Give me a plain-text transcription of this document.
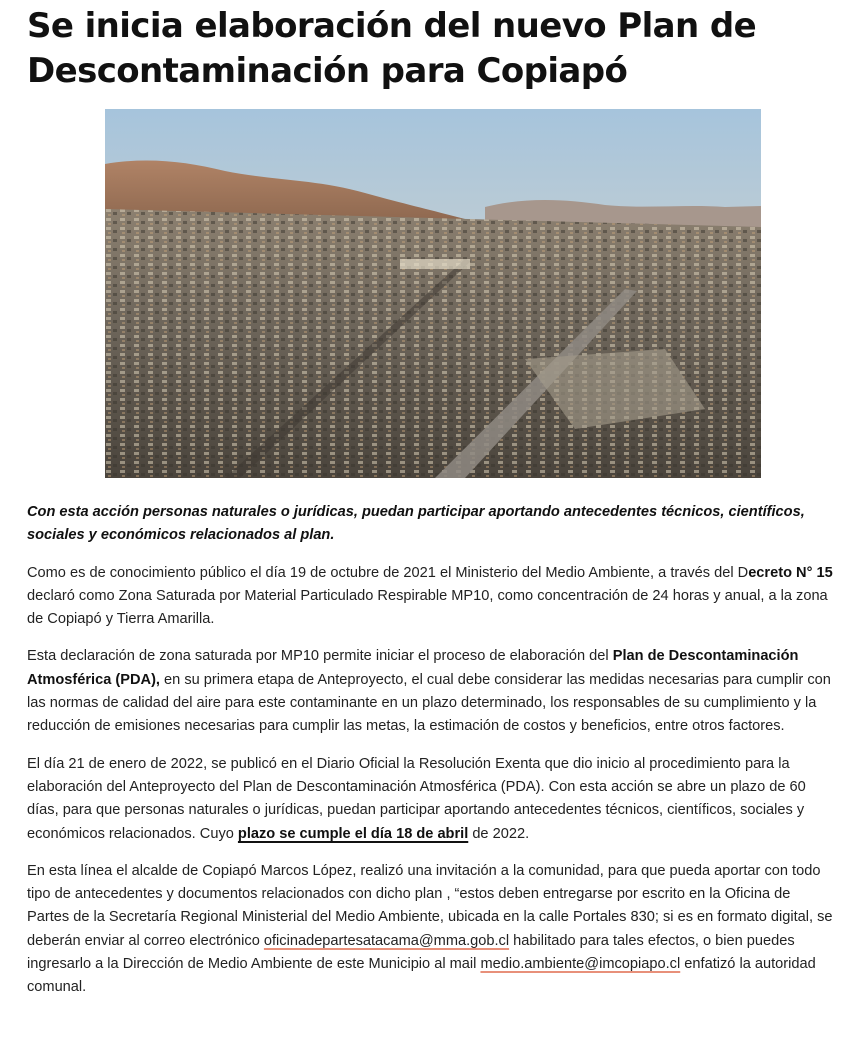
Se inicia elaboración del nuevo Plan de Descontaminación para Copiapó

Con esta acción personas naturales o jurídicas, puedan participar aportando antecedentes técnicos, científicos, sociales y económicos relacionados al plan.

Como es de conocimiento público el día 19 de octubre de 2021 el Ministerio del Medio Ambiente, a través del Decreto N° 15 declaró como Zona Saturada por Material Particulado Respirable MP10, como concentración de 24 horas y anual, a la zona de Copiapó y Tierra Amarilla.

Esta declaración de zona saturada por MP10 permite iniciar el proceso de elaboración del Plan de Descontaminación Atmosférica (PDA), en su primera etapa de Anteproyecto, el cual debe considerar las medidas necesarias para cumplir con las normas de calidad del aire para este contaminante en un plazo determinado, los responsables de su cumplimiento y la reducción de emisiones necesarias para cumplir las metas, la estimación de costos y beneficios, entre otros factores.

El día 21 de enero de 2022, se publicó en el Diario Oficial la Resolución Exenta que dio inicio al procedimiento para la elaboración del Anteproyecto del Plan de Descontaminación Atmosférica (PDA). Con esta acción se abre un plazo de 60 días, para que personas naturales o jurídicas, puedan participar aportando antecedentes técnicos, científicos, sociales y económicos relacionados. Cuyo plazo se cumple el día 18 de abril de 2022.

En esta línea el alcalde de Copiapó Marcos López, realizó una invitación a la comunidad, para que pueda aportar con todo tipo de antecedentes y documentos relacionados con dicho plan , “estos deben entregarse por escrito en la Oficina de Partes de la Secretaría Regional Ministerial del Medio Ambiente, ubicada en la calle Portales 830; si es en formato digital, se deberán enviar al correo electrónico oficinadepartesatacama@mma.gob.cl habilitado para tales efectos, o bien puedes ingresarlo a la Dirección de Medio Ambiente de este Municipio al mail medio.ambiente@imcopiapo.cl enfatizó la autoridad comunal.
